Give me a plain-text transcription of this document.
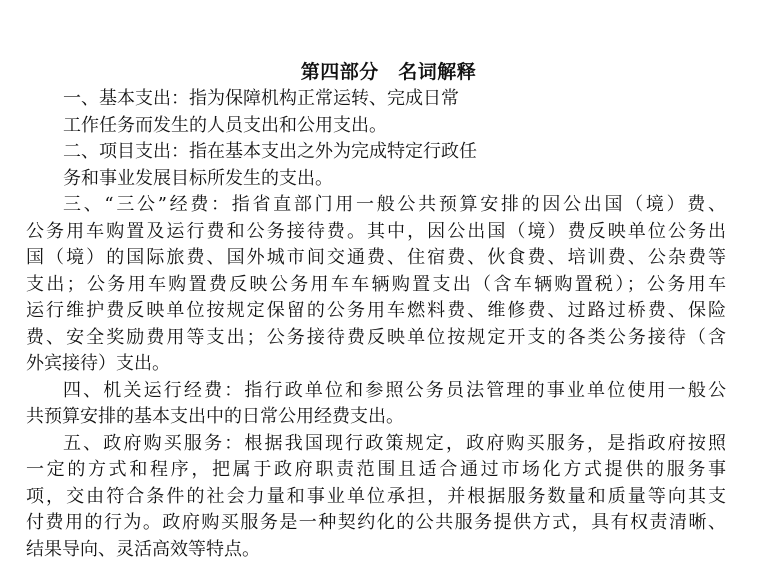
第四部分　名词解释
一、基本支出：指为保障机构正常运转、完成日常
工作任务而发生的人员支出和公用支出。
二、项目支出：指在基本支出之外为完成特定行政任
务和事业发展目标所发生的支出。
三、“三公”经费：指省直部门用一般公共预算安排的因公出国（境）费、
公务用车购置及运行费和公务接待费。其中，因公出国（境）费反映单位公务出
国（境）的国际旅费、国外城市间交通费、住宿费、伙食费、培训费、公杂费等
支出；公务用车购置费反映公务用车车辆购置支出（含车辆购置税）；公务用车
运行维护费反映单位按规定保留的公务用车燃料费、维修费、过路过桥费、保险
费、安全奖励费用等支出；公务接待费反映单位按规定开支的各类公务接待（含
外宾接待）支出。
四、机关运行经费：指行政单位和参照公务员法管理的事业单位使用一般公
共预算安排的基本支出中的日常公用经费支出。
五、政府购买服务：根据我国现行政策规定，政府购买服务，是指政府按照
一定的方式和程序，把属于政府职责范围且适合通过市场化方式提供的服务事
项，交由符合条件的社会力量和事业单位承担，并根据服务数量和质量等向其支
付费用的行为。政府购买服务是一种契约化的公共服务提供方式，具有权责清晰、
结果导向、灵活高效等特点。
